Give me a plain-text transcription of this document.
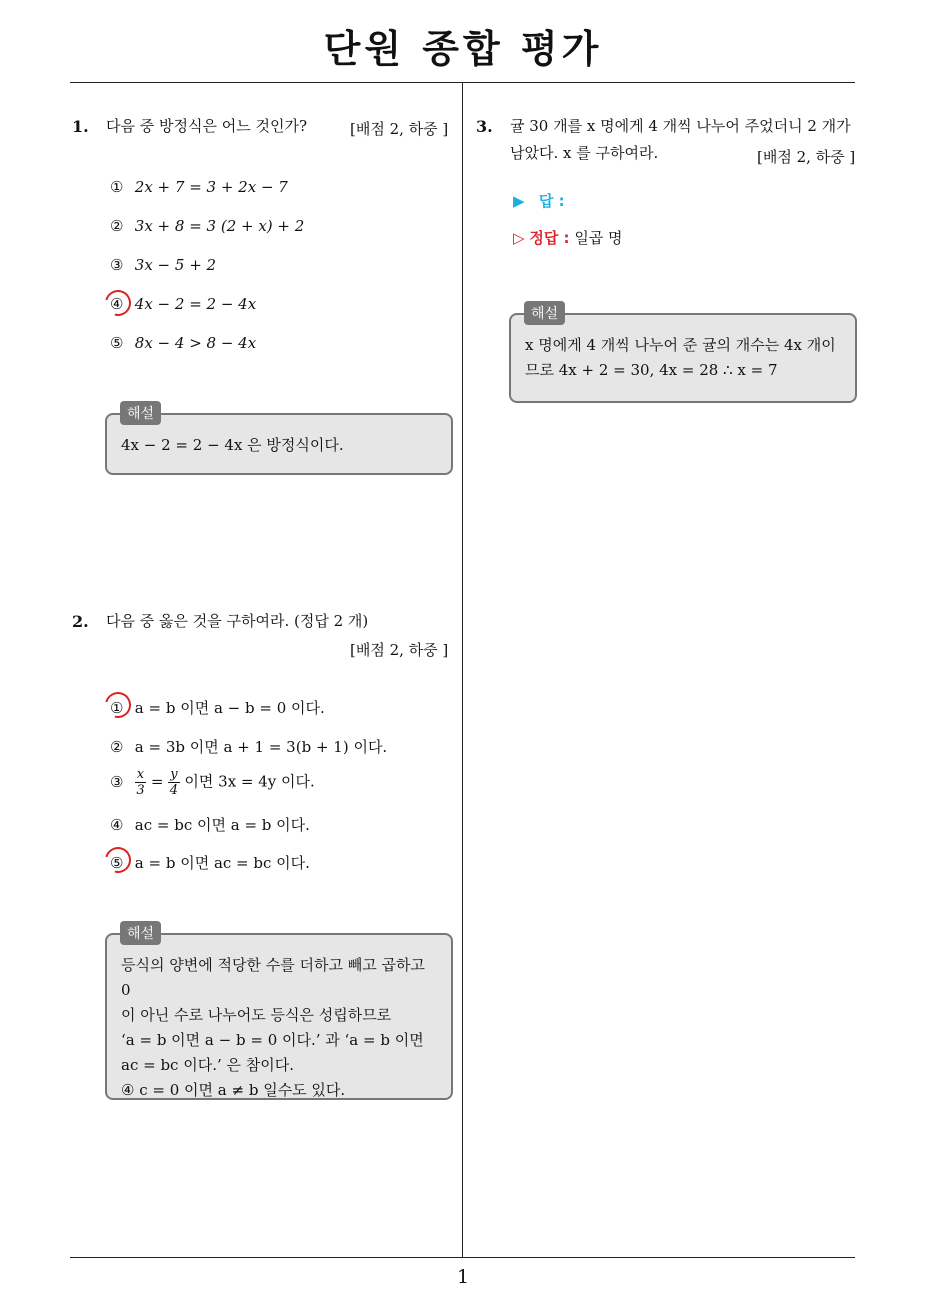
단원 종합 평가
1
1. 다음 중 방정식은 어느 것인가?	[배점 2, 하중 ]
① 2x + 7 = 3 + 2x − 7
② 3x + 8 = 3 (2 + x) + 2
③ 3x − 5 + 2
④ 4x − 2 = 2 − 4x
⑤ 8x − 4 > 8 − 4x
4x − 2 = 2 − 4x 은 방정식이다.
해설
2. 다음 중 옳은 것을 구하여라. (정답 2 개)
[배점 2, 하중 ]
① a = b 이면 a − b = 0 이다.
② a = 3b 이면 a + 1 = 3(b + 1) 이다.
③ $\frac{x}{3} = \frac{y}{4}$ 이면 3x = 4y 이다.
④ ac = bc 이면 a = b 이다.
⑤ a = b 이면 ac = bc 이다.
등식의 양변에 적당한 수를 더하고 빼고 곱하고 0
이 아닌 수로 나누어도 등식은 성립하므로
‘a = b 이면 a − b = 0 이다.’ 과 ‘a = b 이면
ac = bc 이다.’ 은 참이다.
④ c = 0 이면 a ≠ b 일수도 있다.
해설
3. 귤 30 개를 x 명에게 4 개씩 나누어 주었더니 2 개가
남았다. x 를 구하여라.	[배점 2, 하중 ]
▶ 답 :
▷ 정답 : 일곱 명
x 명에게 4 개씩 나누어 준 귤의 개수는 4x 개이
므로 4x + 2 = 30, 4x = 28 ∴ x = 7
해설
